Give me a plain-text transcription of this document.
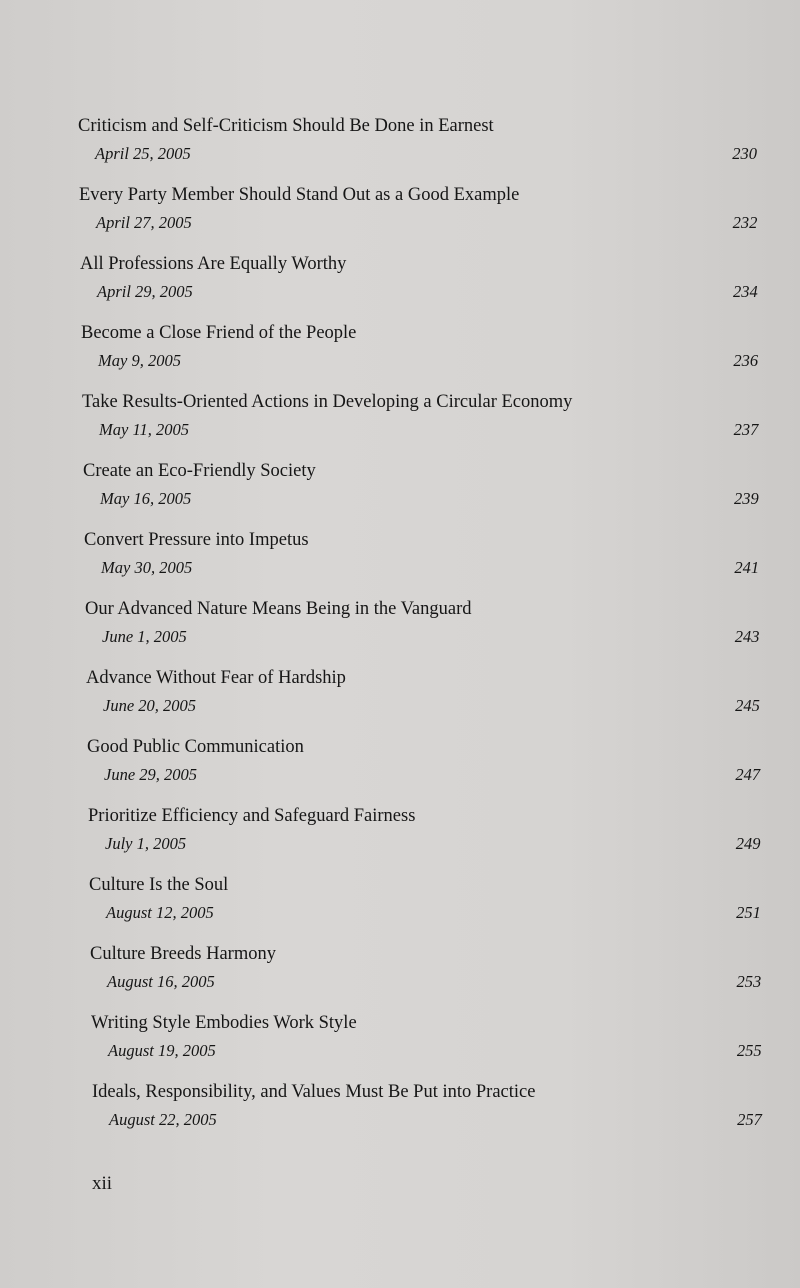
Criticism and Self-Criticism Should Be Done in Earnest
April 25, 2005	230
Every Party Member Should Stand Out as a Good Example
April 27, 2005	232
All Professions Are Equally Worthy
April 29, 2005	234
Become a Close Friend of the People
May 9, 2005	236
Take Results-Oriented Actions in Developing a Circular Economy
May 11, 2005	237
Create an Eco-Friendly Society
May 16, 2005	239
Convert Pressure into Impetus
May 30, 2005	241
Our Advanced Nature Means Being in the Vanguard
June 1, 2005	243
Advance Without Fear of Hardship
June 20, 2005	245
Good Public Communication
June 29, 2005	247
Prioritize Efficiency and Safeguard Fairness
July 1, 2005	249
Culture Is the Soul
August 12, 2005	251
Culture Breeds Harmony
August 16, 2005	253
Writing Style Embodies Work Style
August 19, 2005	255
Ideals, Responsibility, and Values Must Be Put into Practice
August 22, 2005	257
xii
